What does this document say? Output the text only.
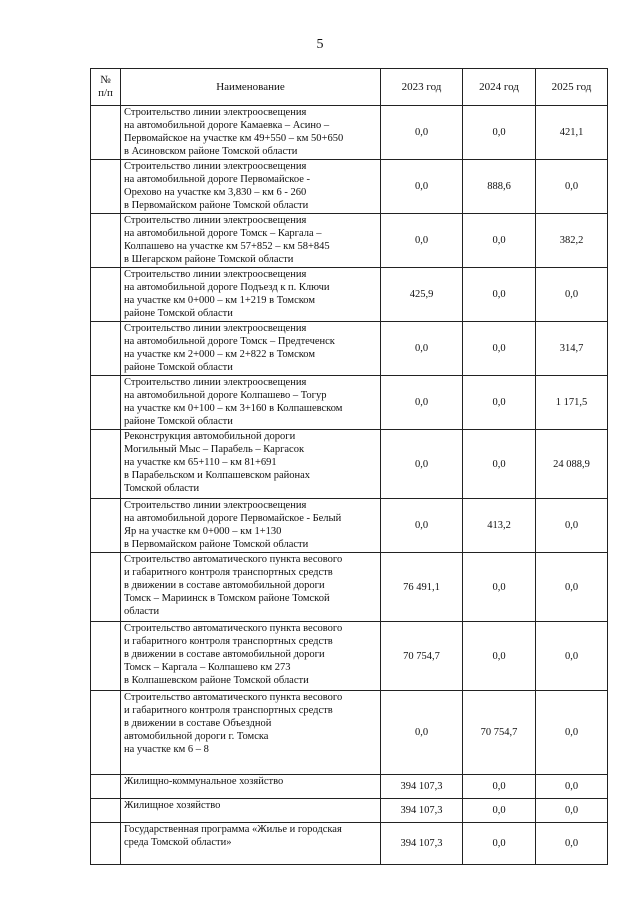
5
№
п/п	Наименование	2023 год	2024 год	2025 год
	Строительство линии электроосвещения
на автомобильной дороге Камаевка – Асино –
Первомайское на участке км 49+550 – км 50+650
в Асиновском районе Томской области	0,0	0,0	421,1
	Строительство линии электроосвещения
на автомобильной дороге Первомайское -
Орехово на участке км 3,830 – км 6 - 260
в Первомайском районе Томской области	0,0	888,6	0,0
	Строительство линии электроосвещения
на автомобильной дороге Томск – Каргала –
Колпашево на участке км 57+852 – км 58+845
в Шегарском районе Томской области	0,0	0,0	382,2
	Строительство линии электроосвещения
на автомобильной дороге Подъезд к п. Ключи
на участке км 0+000 – км 1+219 в Томском
районе Томской области	425,9	0,0	0,0
	Строительство линии электроосвещения
на автомобильной дороге Томск – Предтеченск
на участке км 2+000 – км 2+822 в Томском
районе Томской области	0,0	0,0	314,7
	Строительство линии электроосвещения
на автомобильной дороге Колпашево – Тогур
на участке км 0+100 – км 3+160 в Колпашевском
районе Томской области	0,0	0,0	1 171,5
	Реконструкция автомобильной дороги
Могильный Мыс – Парабель – Каргасок
на участке км 65+110 – км 81+691
в Парабельском и Колпашевском районах
Томской области	0,0	0,0	24 088,9
	Строительство линии электроосвещения
на автомобильной дороге Первомайское - Белый
Яр на участке км 0+000 – км 1+130
в Первомайском районе Томской области	0,0	413,2	0,0
	Строительство автоматического пункта весового
и габаритного контроля транспортных средств
в движении в составе автомобильной дороги
Томск – Мариинск в Томском районе Томской
области	76 491,1	0,0	0,0
	Строительство автоматического пункта весового
и габаритного контроля транспортных средств
в движении в составе автомобильной дороги
Томск – Каргала – Колпашево км 273
в Колпашевском районе Томской области	70 754,7	0,0	0,0
	Строительство автоматического пункта весового
и габаритного контроля транспортных средств
в движении в составе Объездной
автомобильной дороги г. Томска
на участке км 6 – 8	0,0	70 754,7	0,0
	Жилищно-коммунальное хозяйство	394 107,3	0,0	0,0
	Жилищное хозяйство	394 107,3	0,0	0,0
	Государственная программа «Жилье и городская
среда Томской области»	394 107,3	0,0	0,0
